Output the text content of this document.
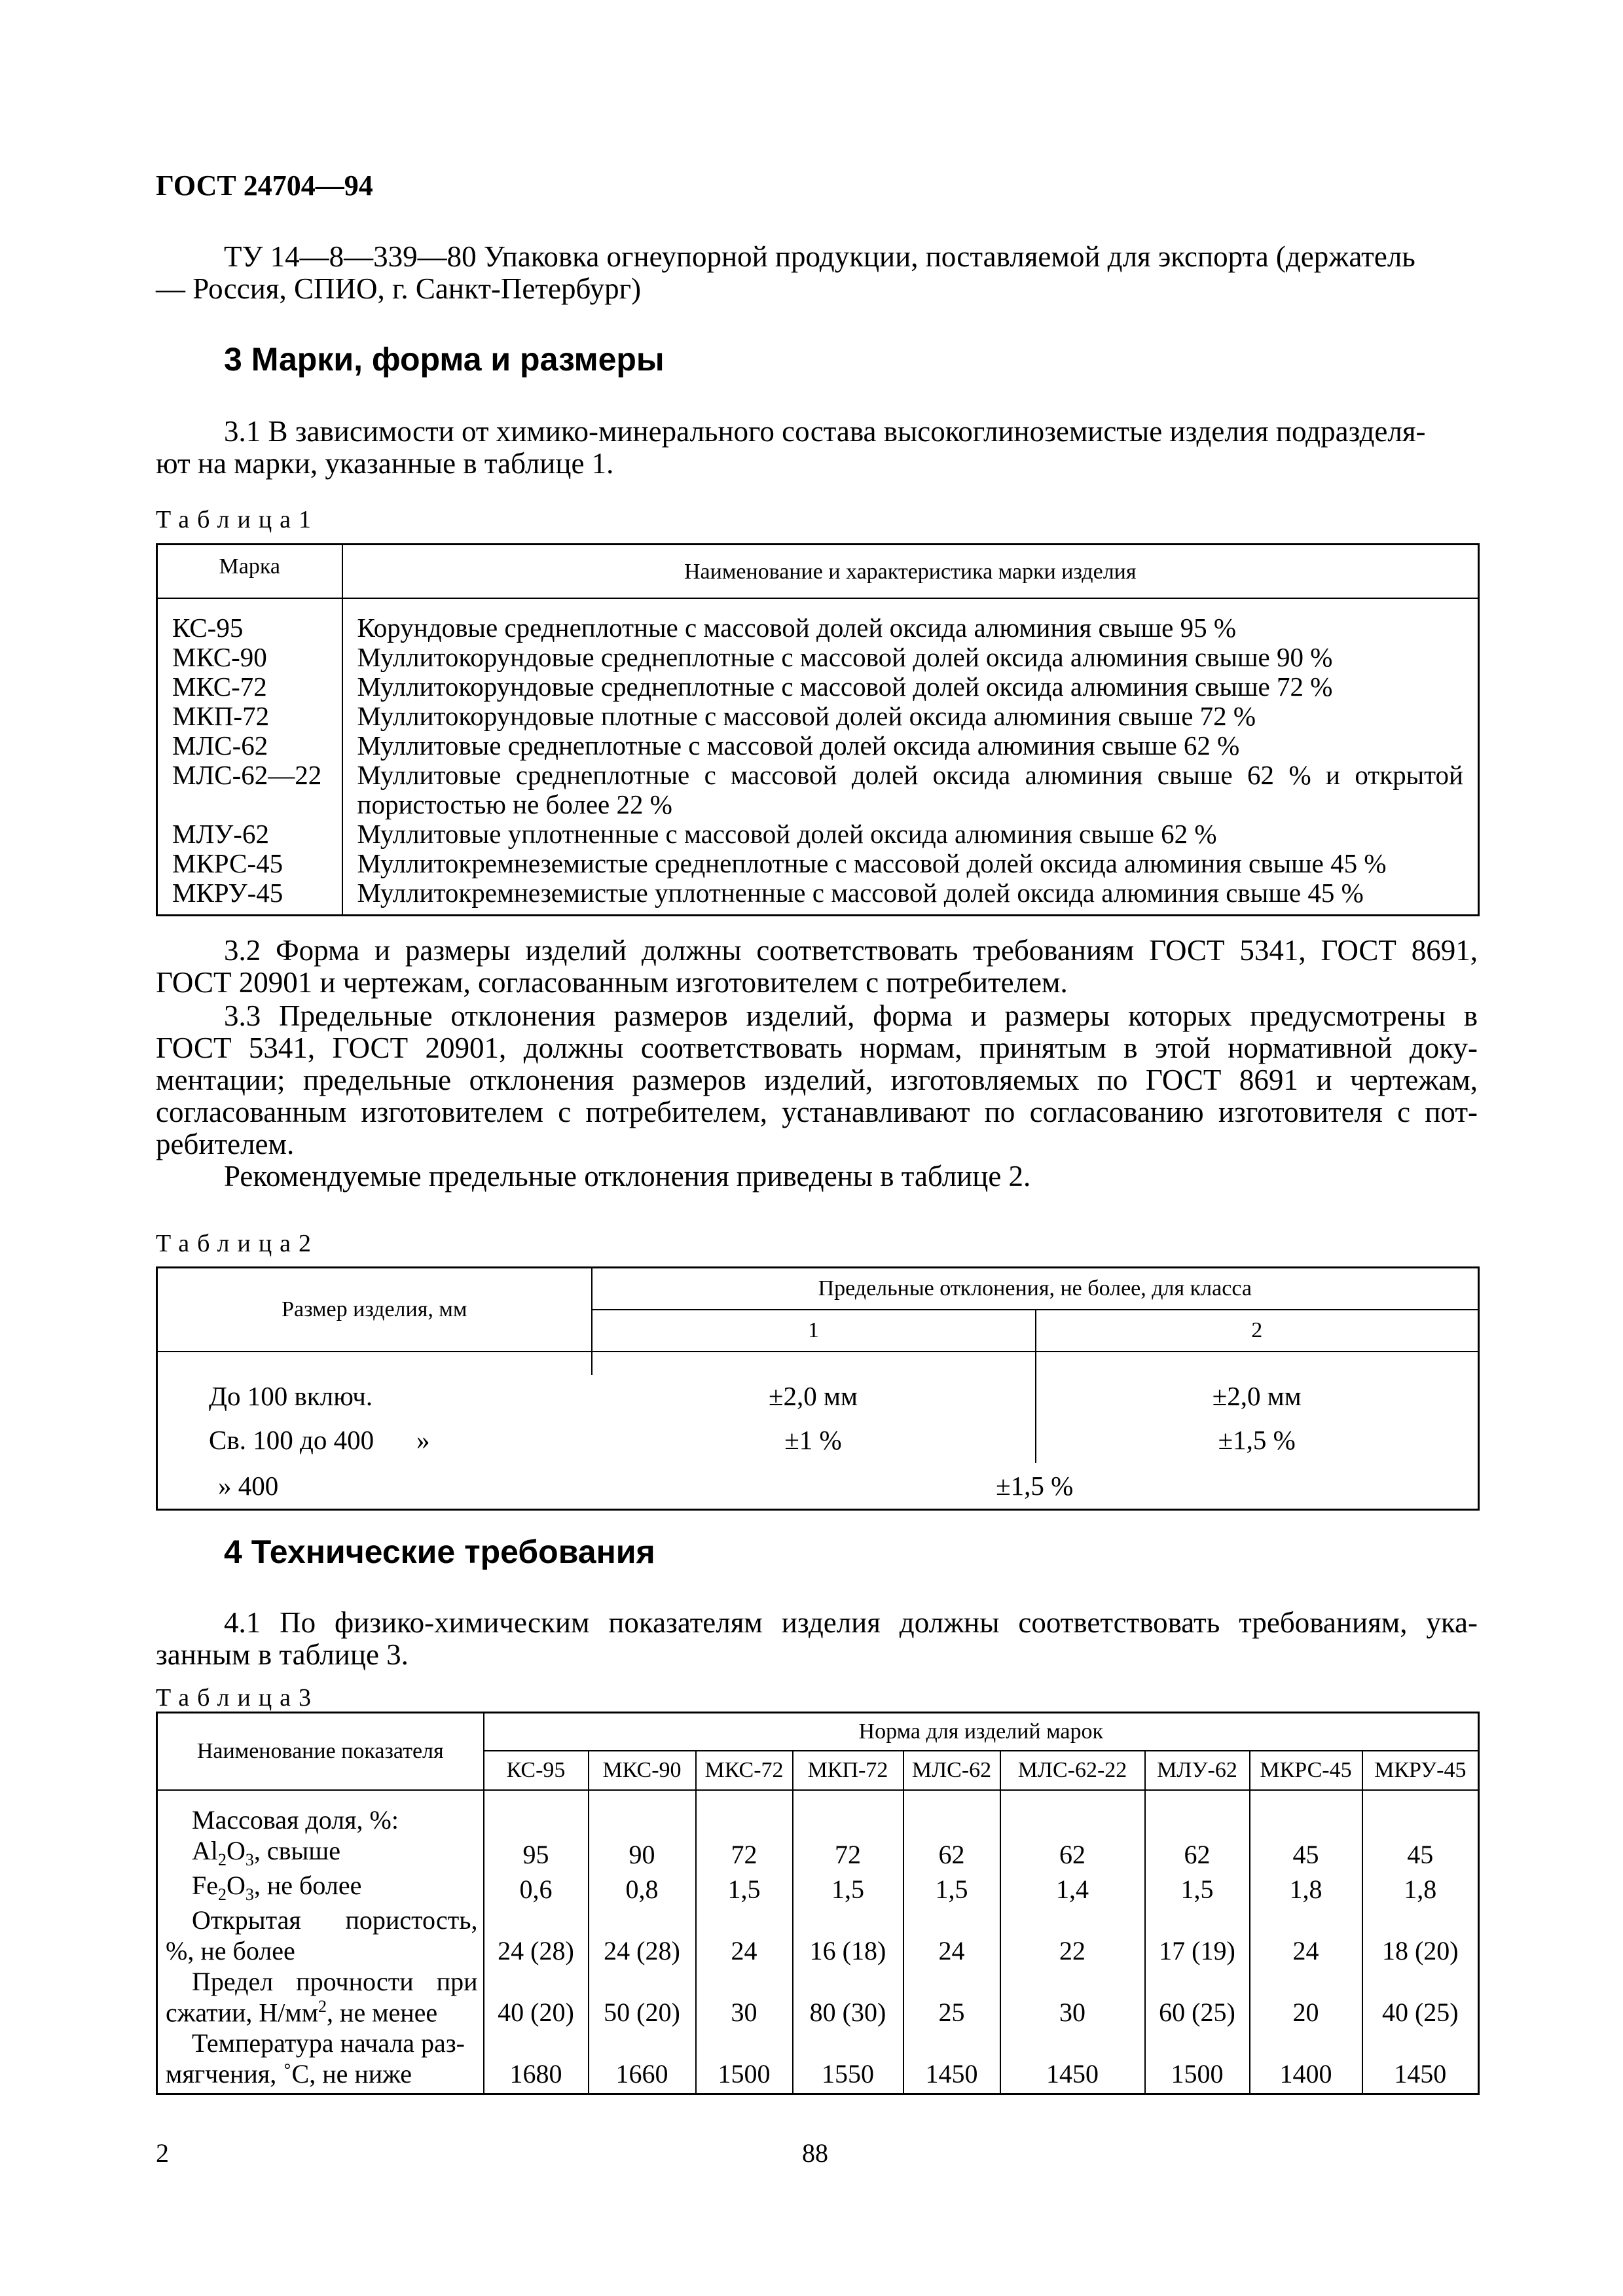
ГОСТ 24704—94
ТУ 14—8—339—80 Упаковка огнеупорной продукции, поставляемой для экспорта (держатель
— Россия, СПИО, г. Санкт-Петербург)
3 Марки, форма и размеры
3.1 В зависимости от химико-минерального состава высокоглиноземистые изделия подразделя-
ют на марки, указанные в таблице 1.
Таблица1
Марка	Наименование и характеристика марки изделия

КС-95	Корундовые среднеплотные с массовой долей оксида алюминия свыше 95 %
МКС-90	Муллитокорундовые среднеплотные с массовой долей оксида алюминия свыше 90 %
МКС-72	Муллитокорундовые среднеплотные с массовой долей оксида алюминия свыше 72 %
МКП-72	Муллитокорундовые плотные с массовой долей оксида алюминия свыше 72 %
МЛС-62	Муллитовые среднеплотные с массовой долей оксида алюминия свыше 62 %
МЛС-62—22	Муллитовые среднеплотные с массовой долей оксида алюминия свыше 62 % и открытой
пористостью не более 22 %

МЛУ-62	Муллитовые уплотненные с массовой долей оксида алюминия свыше 62 %
МКРС-45	Муллитокремнеземистые среднеплотные с массовой долей оксида алюминия свыше 45 %
МКРУ-45	Муллитокремнеземистые уплотненные с массовой долей оксида алюминия свыше 45 %
3.2 Форма и размеры изделий должны соответствовать требованиям ГОСТ 5341, ГОСТ 8691,
ГОСТ 20901 и чертежам, согласованным изготовителем с потребителем.
3.3 Предельные отклонения размеров изделий, форма и размеры которых предусмотрены в
ГОСТ 5341, ГОСТ 20901, должны соответствовать нормам, принятым в этой нормативной доку-
ментации; предельные отклонения размеров изделий, изготовляемых по ГОСТ 8691 и чертежам,
согласованным изготовителем с потребителем, устанавливают по согласованию изготовителя с пот-
ребителем.
Рекомендуемые предельные отклонения приведены в таблице 2.
Таблица2
Размер изделия, мм	Предельные отклонения, не более, для класса	
	1	2

До 100 включ.	±2,0 мм	±2,0 мм
Св. 100 до 400 »	±1 %	±1,5 %
» 400	±1,5 %	
4 Технические требования
4.1 По физико-химическим показателям изделия должны соответствовать требованиям, ука-
занным в таблице 3.
Таблица3
Наименование показателя	Норма для изделий марок								
	КС-95	МКС-90	МКС-72	МКП-72	МЛС-62	МЛС-62-22	МЛУ-62	МКРС-45	МКРУ-45

Массовая доля, %:									
$Al_2O_3$, свыше	95	90	72	72	62	62	62	45	45
$Fe_2O_3$, не более	0,6	0,8	1,5	1,5	1,5	1,4	1,5	1,8	1,8

Открытая пористость,
%, не более	24 (28)	24 (28)	24	16 (18)	24	22	17 (19)	24	18 (20)

Предел прочности при
сжатии, $Н/мм^2$, не менее	40 (20)	50 (20)	30	80 (30)	25	30	60 (25)	20	40 (25)

Температура начала раз-
мягчения, ˚С, не ниже	1680	1660	1500	1550	1450	1450	1500	1400	1450
2	88
